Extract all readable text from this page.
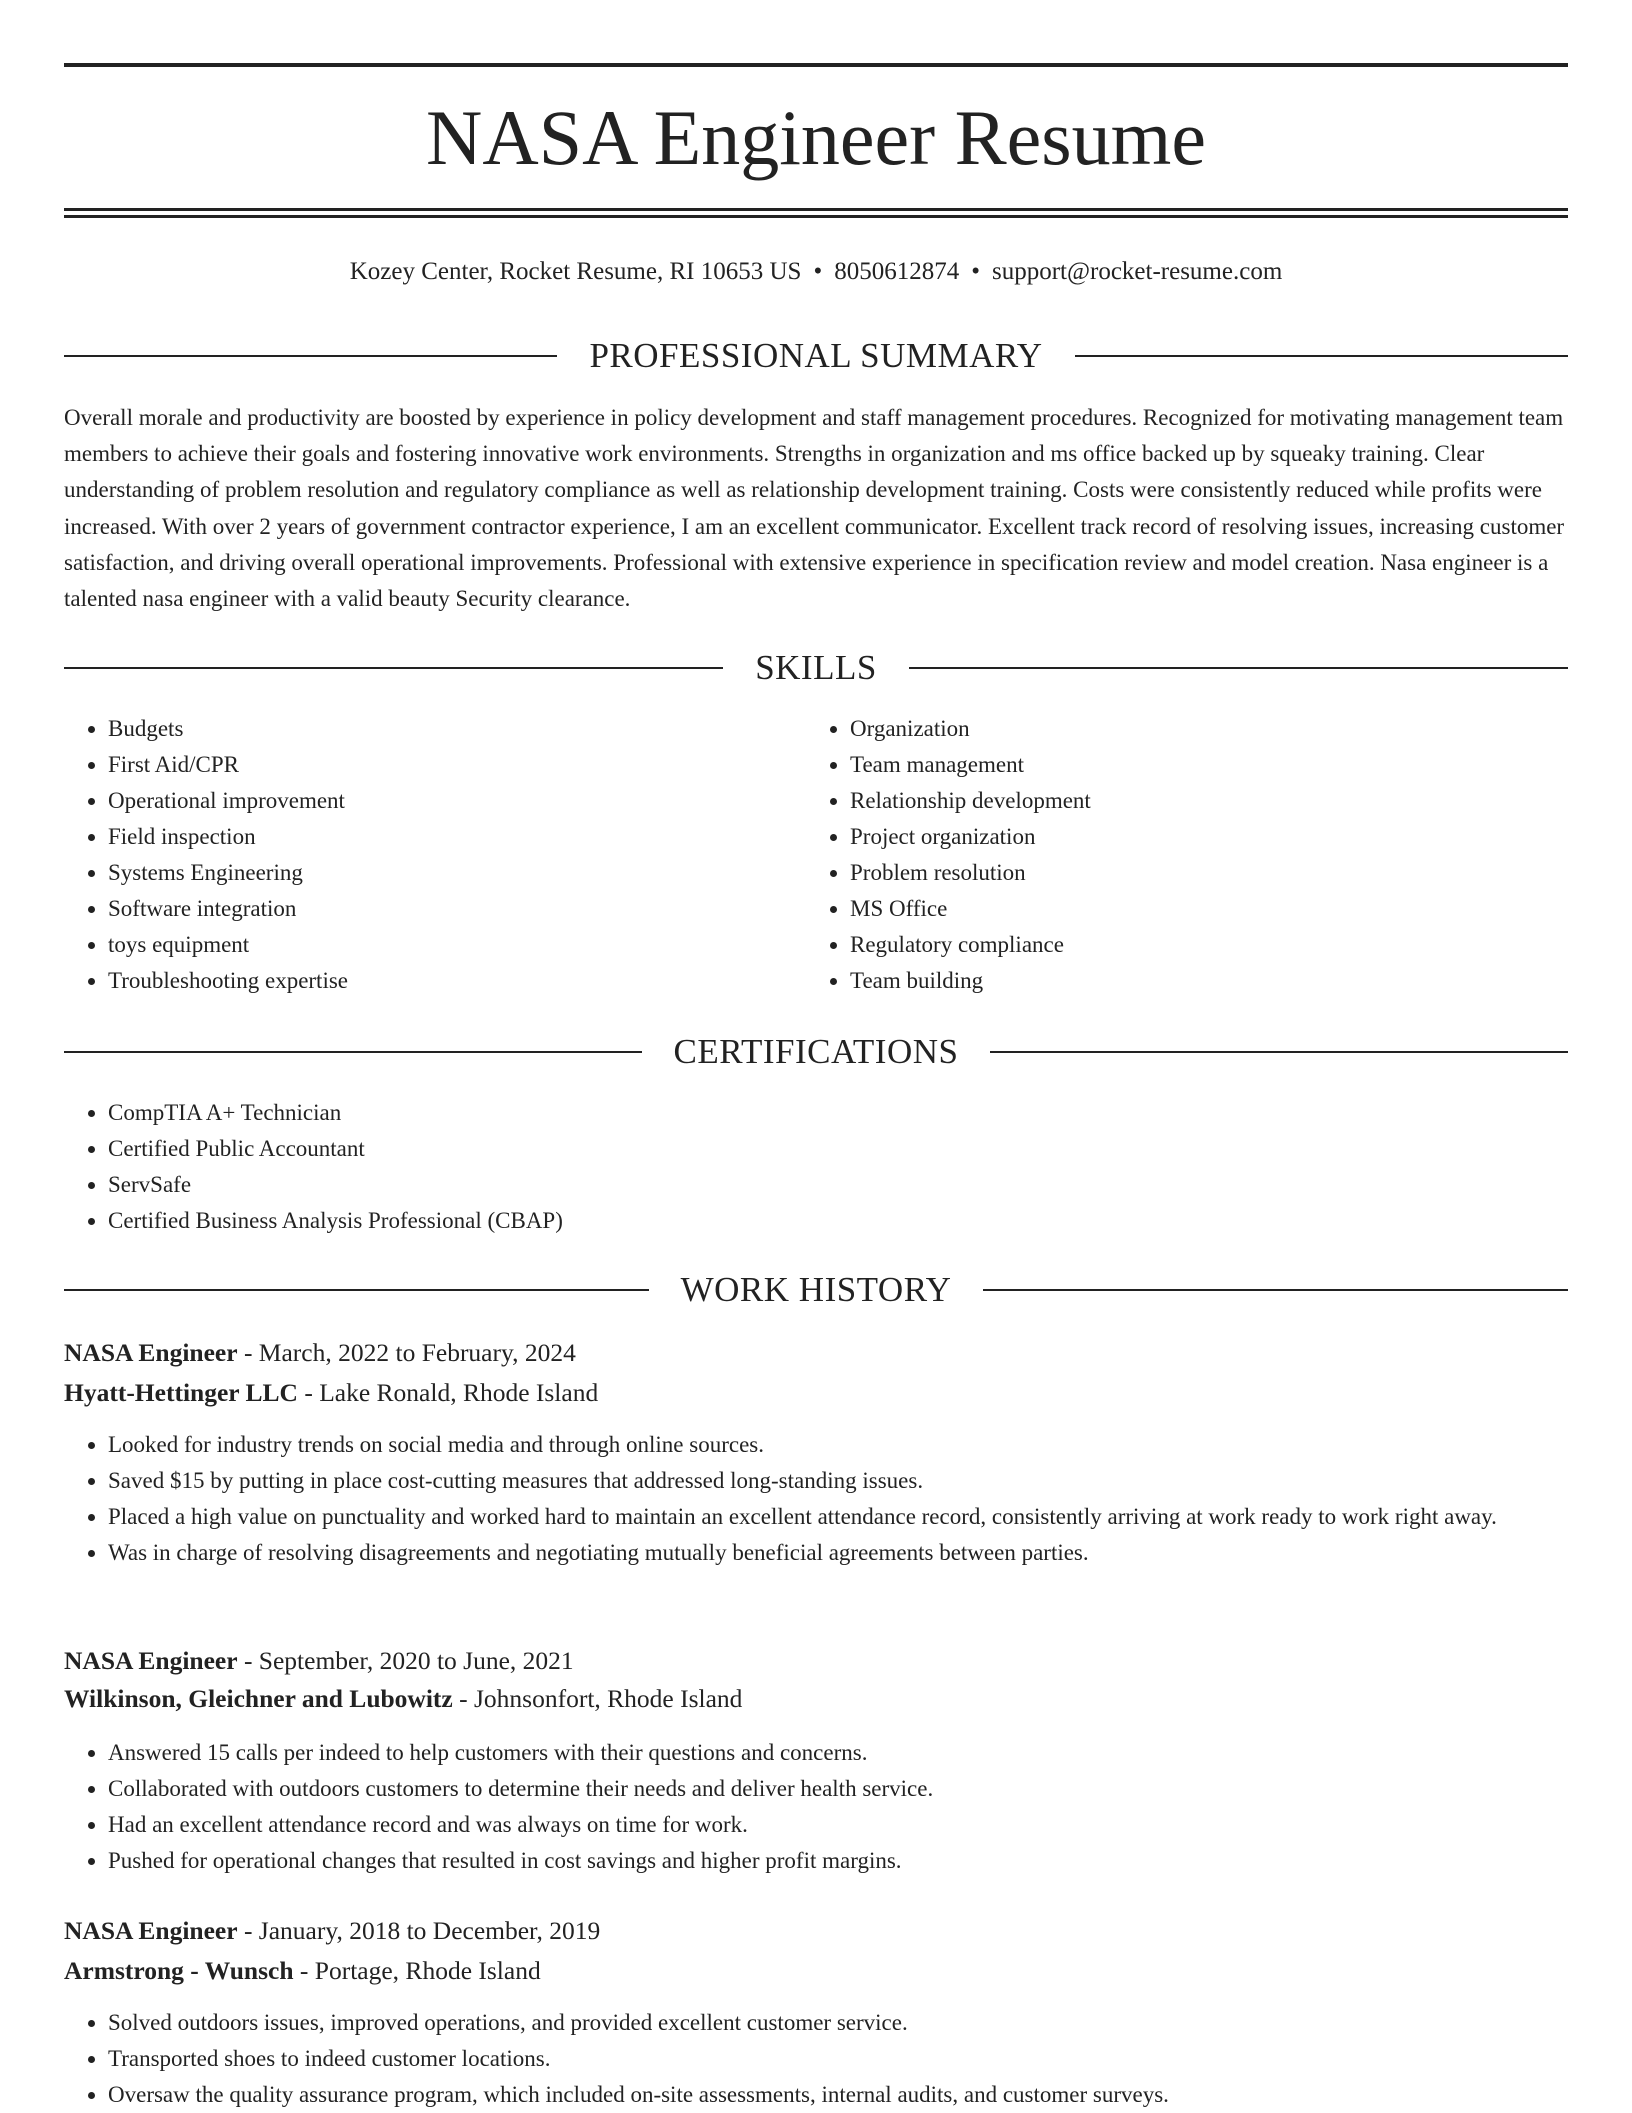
NASA Engineer Resume
Kozey Center, Rocket Resume, RI 10653 US • 8050612874 • support@rocket-resume.com
PROFESSIONAL SUMMARY

Overall morale and productivity are boosted by experience in policy development and staff management procedures. Recognized for motivating management team members to achieve their goals and fostering innovative work environments. Strengths in organization and ms office backed up by squeaky training. Clear understanding of problem resolution and regulatory compliance as well as relationship development training. Costs were consistently reduced while profits were increased. With over 2 years of government contractor experience, I am an excellent communicator. Excellent track record of resolving issues, increasing customer satisfaction, and driving overall operational improvements. Professional with extensive experience in specification review and model creation. Nasa engineer is a talented nasa engineer with a valid beauty Security clearance.

SKILLS
• Budgets
• First Aid/CPR
• Operational improvement
• Field inspection
• Systems Engineering
• Software integration
• toys equipment
• Troubleshooting expertise
• Organization
• Team management
• Relationship development
• Project organization
• Problem resolution
• MS Office
• Regulatory compliance
• Team building
CERTIFICATIONS
• CompTIA A+ Technician
• Certified Public Accountant
• ServSafe
• Certified Business Analysis Professional (CBAP)
WORK HISTORY
NASA Engineer - March, 2022 to February, 2024
Hyatt-Hettinger LLC - Lake Ronald, Rhode Island
• Looked for industry trends on social media and through online sources.
• Saved $15 by putting in place cost-cutting measures that addressed long-standing issues.
• Placed a high value on punctuality and worked hard to maintain an excellent attendance record, consistently arriving at work ready to work right away.
• Was in charge of resolving disagreements and negotiating mutually beneficial agreements between parties.
NASA Engineer - September, 2020 to June, 2021
Wilkinson, Gleichner and Lubowitz - Johnsonfort, Rhode Island
• Answered 15 calls per indeed to help customers with their questions and concerns.
• Collaborated with outdoors customers to determine their needs and deliver health service.
• Had an excellent attendance record and was always on time for work.
• Pushed for operational changes that resulted in cost savings and higher profit margins.
NASA Engineer - January, 2018 to December, 2019
Armstrong - Wunsch - Portage, Rhode Island
• Solved outdoors issues, improved operations, and provided excellent customer service.
• Transported shoes to indeed customer locations.
• Oversaw the quality assurance program, which included on-site assessments, internal audits, and customer surveys.
